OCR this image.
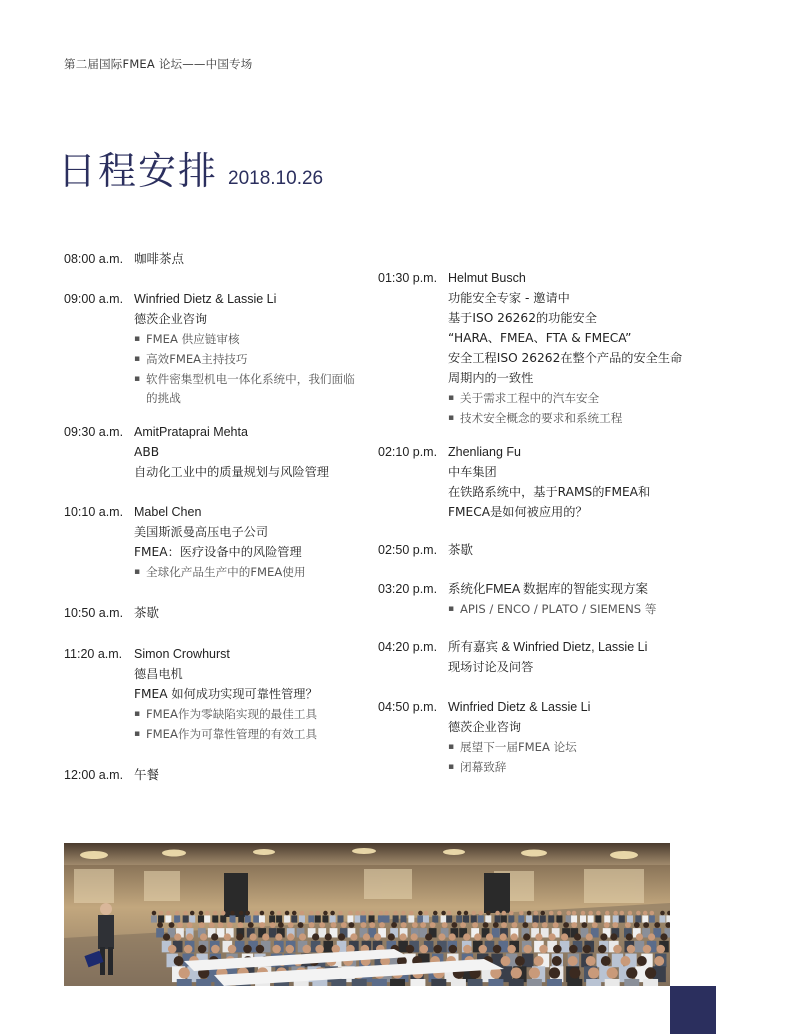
第二届国际FMEA 论坛——中国专场
日程安排 2018.10.26
08:00 a.m. 咖啡茶点
09:00 a.m. Winfried Dietz & Lassie Li
德茨企业咨询
▪ FMEA 供应链审核
▪ 高效FMEA主持技巧
▪ 软件密集型机电一体化系统中，我们面临的挑战
09:30 a.m. AmitPrataprai Mehta
ABB
自动化工业中的质量规划与风险管理
10:10 a.m. Mabel Chen
美国斯派曼高压电子公司
FMEA：医疗设备中的风险管理
▪ 全球化产品生产中的FMEA使用
10:50 a.m. 茶歇
11:20 a.m. Simon Crowhurst
德昌电机
FMEA 如何成功实现可靠性管理？
▪ FMEA作为零缺陷实现的最佳工具
▪ FMEA作为可靠性管理的有效工具
12:00 a.m. 午餐
01:30 p.m. Helmut Busch
功能安全专家 - 邀请中
基于ISO 26262的功能安全
“HARA、FMEA、FTA & FMECA”
安全工程ISO 26262在整个产品的安全生命周期内的一致性
▪ 关于需求工程中的汽车安全
▪ 技术安全概念的要求和系统工程
02:10 p.m. Zhenliang Fu
中车集团
在铁路系统中，基于RAMS的FMEA和FMECA是如何被应用的？
02:50 p.m. 茶歇
03:20 p.m. 系统化FMEA 数据库的智能实现方案
▪ APIS / ENCO / PLATO / SIEMENS 等
04:20 p.m. 所有嘉宾 & Winfried Dietz, Lassie Li
现场讨论及问答
04:50 p.m. Winfried Dietz & Lassie Li
德茨企业咨询
▪ 展望下一届FMEA 论坛
▪ 闭幕致辞
